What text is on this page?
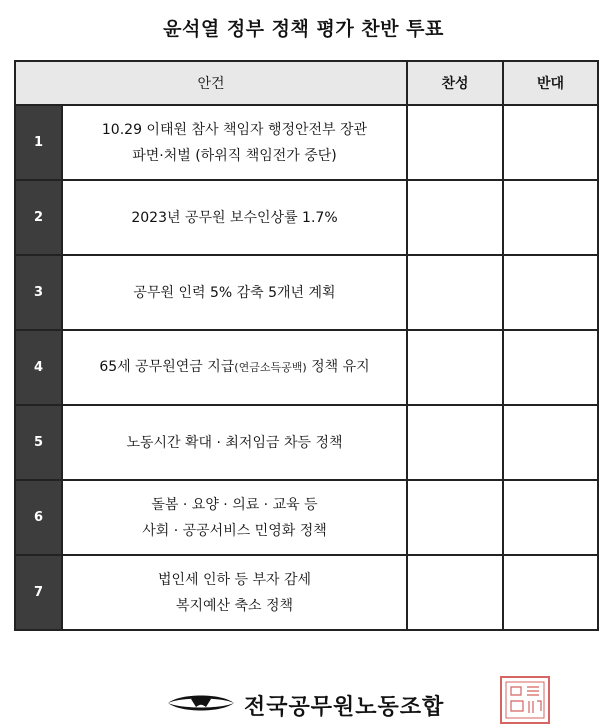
윤석열 정부 정책 평가 찬반 투표
안건		찬성	반대
1	10.29 이태원 참사 책임자 행정안전부 장관
파면·처벌 (하위직 책임전가 중단)		

2	2023년 공무원 보수인상률 1.7%		

3	공무원 인력 5% 감축 5개년 계획		

4	65세 공무원연금 지급(연금소득공백) 정책 유지		

5	노동시간 확대 · 최저임금 차등 정책		

6	돌봄 · 요양 · 의료 · 교육 등
사회 · 공공서비스 민영화 정책		

7	법인세 인하 등 부자 감세
복지예산 축소 정책		

전국공무원노동조합
